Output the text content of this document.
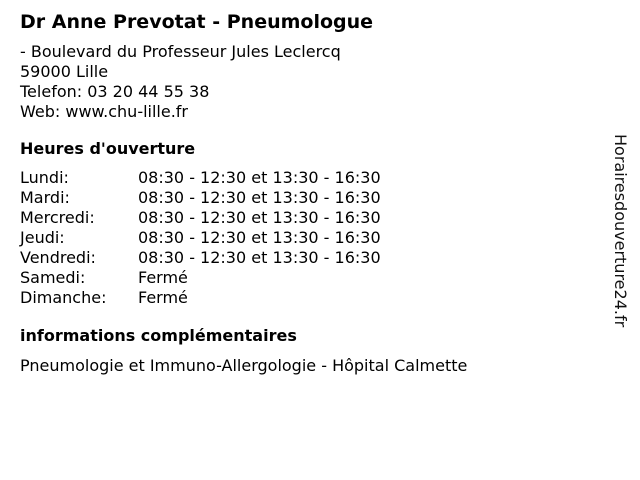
Dr Anne Prevotat - Pneumologue
- Boulevard du Professeur Jules Leclercq
59000 Lille
Telefon: 03 20 44 55 38
Web: www.chu-lille.fr
Heures d'ouverture
Lundi:	08:30 - 12:30 et 13:30 - 16:30
Mardi:	08:30 - 12:30 et 13:30 - 16:30
Mercredi:	08:30 - 12:30 et 13:30 - 16:30
Jeudi:	08:30 - 12:30 et 13:30 - 16:30
Vendredi:	08:30 - 12:30 et 13:30 - 16:30
Samedi:	Fermé
Dimanche:	Fermé
informations complémentaires
Pneumologie et Immuno-Allergologie - Hôpital Calmette
Horairesdouverture24.fr
